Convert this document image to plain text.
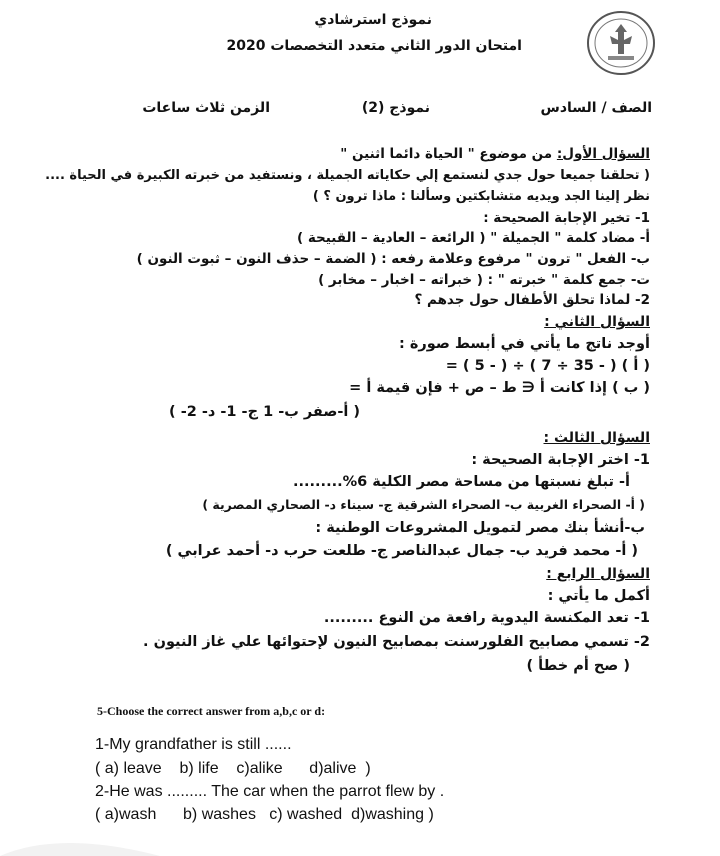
نموذج استرشادي
امتحان الدور الثاني متعدد التخصصات 2020
الصف / السادس
نموذج (2)
الزمن ثلاث ساعات
السؤال الأول: من موضوع " الحياة دائما اثنين "
( تحلقنا جميعا حول جدي لنستمع إلي حكاياته الجميلة ، ونستفيد من خبرته الكبيرة في الحياة ....
نظر إلينا الجد ويديه متشابكتين وسألنا : ماذا ترون ؟ )
1- تخير الإجابة الصحيحة :
أ- مضاد كلمة " الجميلة " ( الرائعة – العادية – القبيحة )
ب- الفعل " ترون " مرفوع وعلامة رفعه : ( الضمة – حذف النون – ثبوت النون )
ت- جمع كلمة " خبرته " : ( خبراته – اخبار – مخابر )
2- لماذا تحلق الأطفال حول جدهم ؟
السؤال الثاني :
أوجد ناتج ما يأتي في أبسط صورة :
( أ ) ( - 35 ÷ 7 ) ÷ ( - 5 ) =
( ب ) إذا كانت أ ∈ ط – ص + فإن قيمة أ =
( أ-صفر ب- 1 ج- 1- د- 2- )
السؤال الثالث :
1- اختر الإجابة الصحيحة :
أ- تبلغ نسبتها من مساحة مصر الكلية 6%.........
( أ- الصحراء الغربية ب- الصحراء الشرقية ج- سيناء د- الصحاري المصرية )
ب-أنشأ بنك مصر لتمويل المشروعات الوطنية :
( أ- محمد فريد ب- جمال عبدالناصر ج- طلعت حرب د- أحمد عرابي )
السؤال الرابع :
أكمل ما يأتي :
1- تعد المكنسة اليدوية رافعة من النوع .........
2- تسمي مصابيح الفلورسنت بمصابيح النيون لإحتوائها علي غاز النيون .
( صح أم خطأ )
5-Choose the correct answer from a,b,c or d:
1-My grandfather is still ......
( a) leave    b) life    c)alike      d)alive  )
2-He was ......... The car when the parrot flew by .
( a)wash      b) washes   c) washed  d)washing )
